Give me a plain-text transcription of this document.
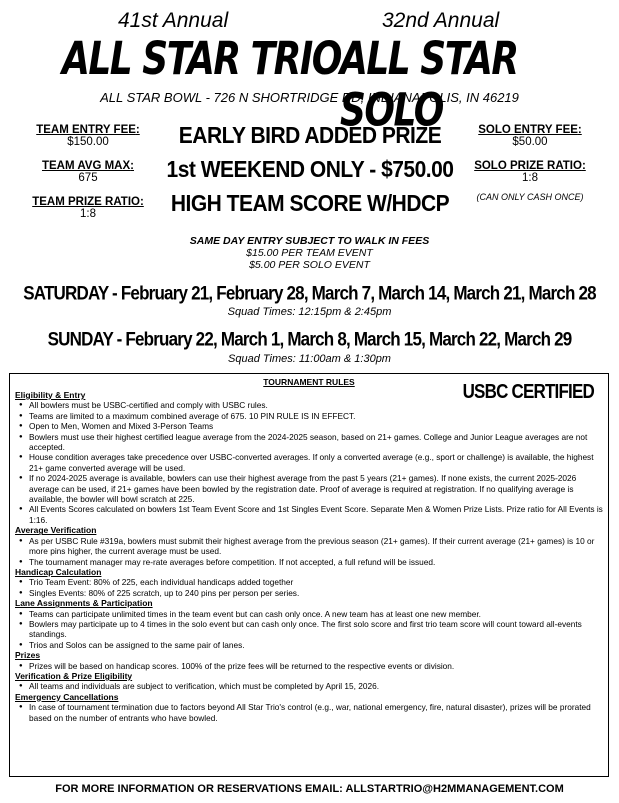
41st Annual
ALL STAR TRIO
32nd Annual
ALL STAR SOLO
ALL STAR BOWL - 726 N SHORTRIDGE RD, INDIANAPOLIS, IN 46219
TEAM ENTRY FEE:
$150.00
TEAM AVG MAX:
675
TEAM PRIZE RATIO:
1:8
EARLY BIRD ADDED PRIZE
1st WEEKEND ONLY - $750.00
HIGH TEAM SCORE W/HDCP
SOLO ENTRY FEE:
$50.00
SOLO PRIZE RATIO:
1:8
(CAN ONLY CASH ONCE)
SAME DAY ENTRY SUBJECT TO WALK IN FEES
$15.00 PER TEAM EVENT
$5.00 PER SOLO EVENT
SATURDAY - February 21, February 28, March 7, March 14, March 21, March 28
Squad Times: 12:15pm & 2:45pm
SUNDAY - February 22, March 1, March 8, March 15, March 22, March 29
Squad Times: 11:00am & 1:30pm
TOURNAMENT RULES	USBC CERTIFIED
Eligibility & Entry
● All bowlers must be USBC-certified and comply with USBC rules.
● Teams are limited to a maximum combined average of 675. 10 PIN RULE IS IN EFFECT.
● Open to Men, Women and Mixed 3-Person Teams
● Bowlers must use their highest certified league average from the 2024-2025 season, based on 21+ games. College and Junior League averages are not accepted.
● House condition averages take precedence over USBC-converted averages. If only a converted average (e.g., sport or challenge) is available, the highest 21+ game converted average will be used.
● If no 2024-2025 average is available, bowlers can use their highest average from the past 5 years (21+ games). If none exists, the current 2025-2026 average can be used, if 21+ games have been bowled by the registration date. Proof of average is required at registration. If no qualifying average is available, the bowler will bowl scratch at 225.
● All Events Scores calculated on bowlers 1st Team Event Score and 1st Singles Event Score. Separate Men & Women Prize Lists. Prize ratio for All Events is 1:16.
Average Verification
● As per USBC Rule #319a, bowlers must submit their highest average from the previous season (21+ games). If their current average (21+ games) is 10 or more pins higher, the current average must be used.
● The tournament manager may re-rate averages before competition. If not accepted, a full refund will be issued.
Handicap Calculation
● Trio Team Event: 80% of 225, each individual handicaps added together
● Singles Events: 80% of 225 scratch, up to 240 pins per person per series.
Lane Assignments & Participation
● Teams can participate unlimited times in the team event but can cash only once. A new team has at least one new member.
● Bowlers may participate up to 4 times in the solo event but can cash only once. The first solo score and first trio team score will count toward all-events standings.
● Trios and Solos can be assigned to the same pair of lanes.
Prizes
● Prizes will be based on handicap scores. 100% of the prize fees will be returned to the respective events or division.
Verification & Prize Eligibility
● All teams and individuals are subject to verification, which must be completed by April 15, 2026.
Emergency Cancellations
● In case of tournament termination due to factors beyond All Star Trio's control (e.g., war, national emergency, fire, natural disaster), prizes will be prorated based on the number of entrants who have bowled.
FOR MORE INFORMATION OR RESERVATIONS EMAIL: ALLSTARTRIO@H2MMANAGEMENT.COM
